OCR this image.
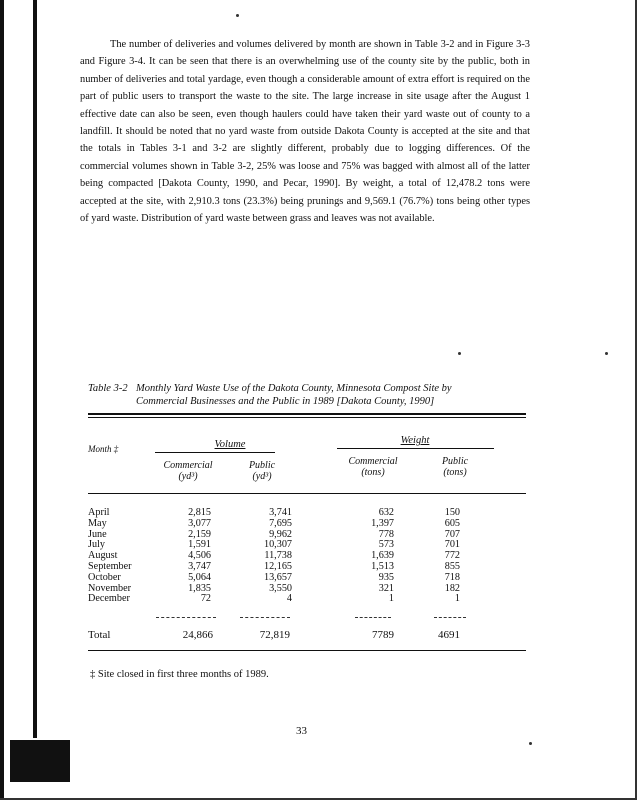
The number of deliveries and volumes delivered by month are shown in Table 3-2 and in Figure 3-3 and Figure 3-4. It can be seen that there is an overwhelming use of the county site by the public, both in number of deliveries and total yardage, even though a considerable amount of extra effort is required on the part of public users to transport the waste to the site. The large increase in site usage after the August 1 effective date can also be seen, even though haulers could have taken their yard waste out of county to a landfill. It should be noted that no yard waste from outside Dakota County is accepted at the site and that the totals in Tables 3-1 and 3-2 are slightly different, probably due to logging differences. Of the commercial volumes shown in Table 3-2, 25% was loose and 75% was bagged with almost all of the latter being compacted [Dakota County, 1990, and Pecar, 1990]. By weight, a total of 12,478.2 tons were accepted at the site, with 2,910.3 tons (23.3%) being prunings and 9,569.1 (76.7%) tons being other types of yard waste. Distribution of yard waste between grass and leaves was not available.

Table 3-2 Monthly Yard Waste Use of the Dakota County, Minnesota Compost Site by
Commercial Businesses and the Public in 1989 [Dakota County, 1990]
Month ‡	Volume	Weight
Commercial
(yd³)
Public
(yd³)
Commercial
(tons)
Public
(tons)
April	2,815	3,741	632	150
May	3,077	7,695	1,397	605
June	2,159	9,962	778	707
July	1,591	10,307	573	701
August	4,506	11,738	1,639	772
September	3,747	12,165	1,513	855
October	5,064	13,657	935	718
November	1,835	3,550	321	182
December	72	4	1	1
Total	24,866	72,819	7789	4691
‡ Site closed in first three months of 1989.
33
